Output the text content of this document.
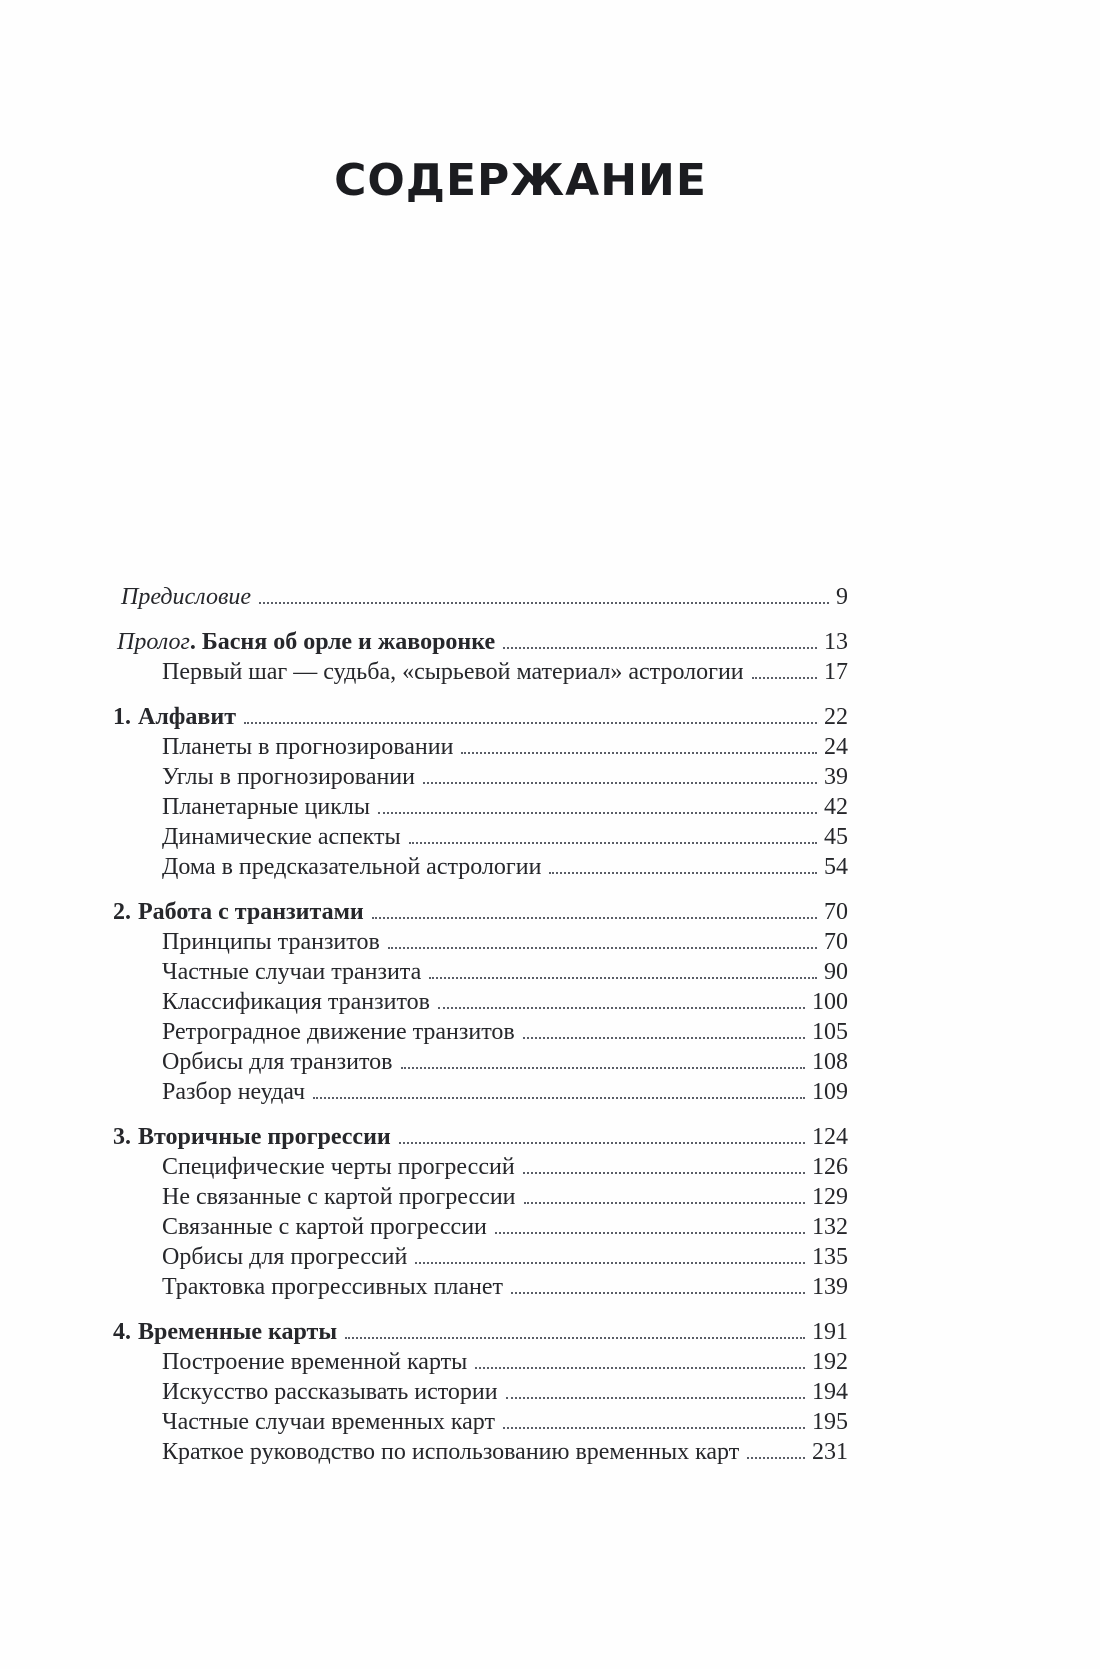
СОДЕРЖАНИЕ
Предисловие	9
Пролог. Басня об орле и жаворонке	13
Первый шаг — судьба, «сырьевой материал» астрологии	17
1. Алфавит	22
Планеты в прогнозировании	24
Углы в прогнозировании	39
Планетарные циклы	42
Динамические аспекты	45
Дома в предсказательной астрологии	54
2. Работа с транзитами	70
Принципы транзитов	70
Частные случаи транзита	90
Классификация транзитов	100
Ретроградное движение транзитов	105
Орбисы для транзитов	108
Разбор неудач	109
3. Вторичные прогрессии	124
Специфические черты прогрессий	126
Не связанные с картой прогрессии	129
Связанные с картой прогрессии	132
Орбисы для прогрессий	135
Трактовка прогрессивных планет	139
4. Временные карты	191
Построение временной карты	192
Искусство рассказывать истории	194
Частные случаи временных карт	195
Краткое руководство по использованию временных карт	231
